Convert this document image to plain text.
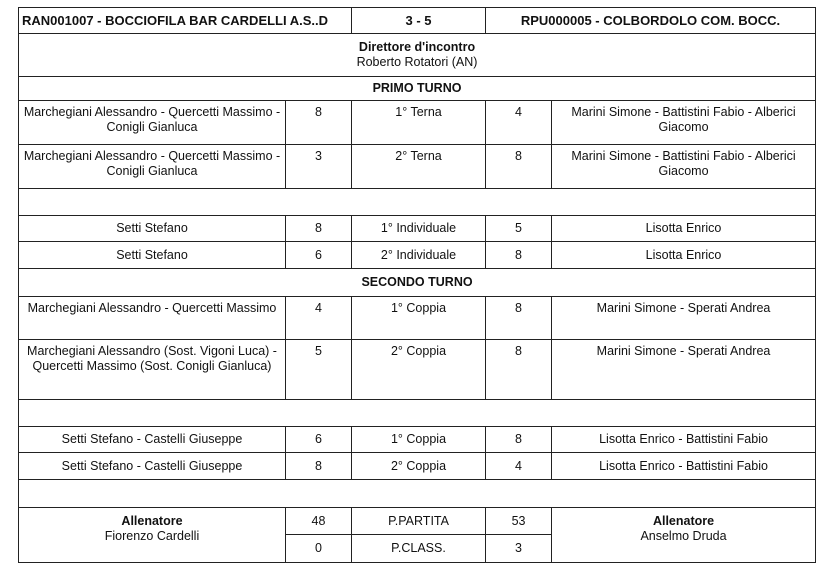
RAN001007 - BOCCIOFILA BAR CARDELLI A.S..D		3 - 5	RPU000005 - COLBORDOLO COM. BOCC.	

Direttore d'incontro
Roberto Rotatori (AN)				

PRIMO TURNO				
Marchegiani Alessandro - Quercetti Massimo - Conigli Gianluca	8	1° Terna	4	Marini Simone - Battistini Fabio - Alberici Giacomo
Marchegiani Alessandro - Quercetti Massimo - Conigli Gianluca	3	2° Terna	8	Marini Simone - Battistini Fabio - Alberici Giacomo

Setti Stefano	8	1° Individuale	5	Lisotta Enrico
Setti Stefano	6	2° Individuale	8	Lisotta Enrico
SECONDO TURNO				
Marchegiani Alessandro - Quercetti Massimo	4	1° Coppia	8	Marini Simone - Sperati Andrea
Marchegiani Alessandro (Sost. Vigoni Luca) - Quercetti Massimo (Sost. Conigli Gianluca)	5	2° Coppia	8	Marini Simone - Sperati Andrea

Setti Stefano - Castelli Giuseppe	6	1° Coppia	8	Lisotta Enrico - Battistini Fabio
Setti Stefano - Castelli Giuseppe	8	2° Coppia	4	Lisotta Enrico - Battistini Fabio

Allenatore
Fiorenzo Cardelli	48	P.PARTITA	53	Allenatore
Anselmo Druda

	0	P.CLASS.	3	
